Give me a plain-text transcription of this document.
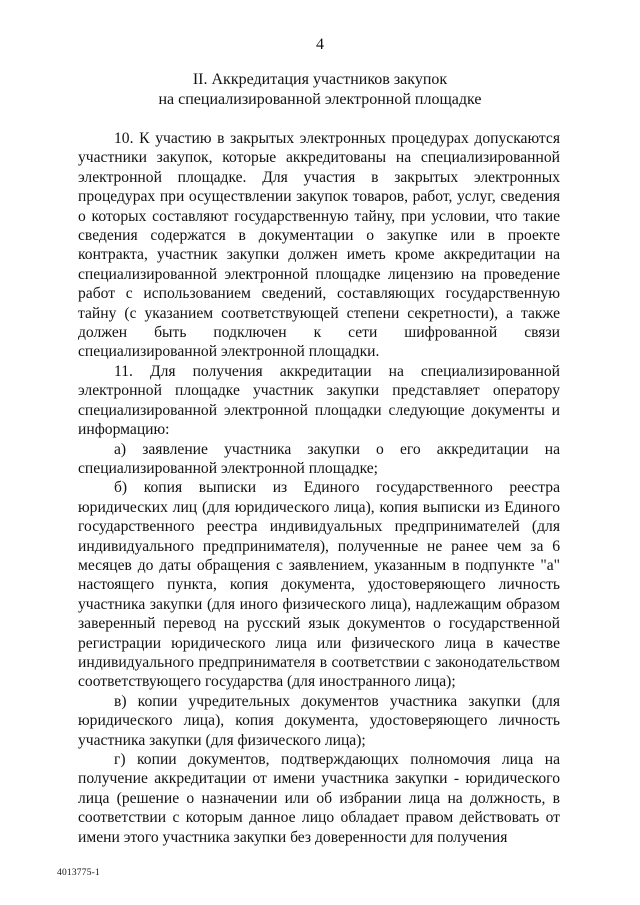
4
II. Аккредитация участников закупок
на специализированной электронной площадке

10. К участию в закрытых электронных процедурах допускаются участники закупок, которые аккредитованы на специализированной электронной площадке. Для участия в закрытых электронных процедурах при осуществлении закупок товаров, работ, услуг, сведения о которых составляют государственную тайну, при условии, что такие сведения содержатся в документации о закупке или в проекте контракта, участник закупки должен иметь кроме аккредитации на специализированной электронной площадке лицензию на проведение работ с использованием сведений, составляющих государственную тайну (с указанием соответствующей степени секретности), а также должен быть подключен к сети шифрованной связи специализированной электронной площадки.

11. Для получения аккредитации на специализированной электронной площадке участник закупки представляет оператору специализированной электронной площадки следующие документы и информацию:

а) заявление участника закупки о его аккредитации на специализированной электронной площадке;

б) копия выписки из Единого государственного реестра юридических лиц (для юридического лица), копия выписки из Единого государственного реестра индивидуальных предпринимателей (для индивидуального предпринимателя), полученные не ранее чем за 6 месяцев до даты обращения с заявлением, указанным в подпункте "а" настоящего пункта, копия документа, удостоверяющего личность участника закупки (для иного физического лица), надлежащим образом заверенный перевод на русский язык документов о государственной регистрации юридического лица или физического лица в качестве индивидуального предпринимателя в соответствии с законодательством соответствующего государства (для иностранного лица);

в) копии учредительных документов участника закупки (для юридического лица), копия документа, удостоверяющего личность участника закупки (для физического лица);

г) копии документов, подтверждающих полномочия лица на получение аккредитации от имени участника закупки - юридического лица (решение о назначении или об избрании лица на должность, в соответствии с которым данное лицо обладает правом действовать от имени этого участника закупки без доверенности для получения

4013775-1
